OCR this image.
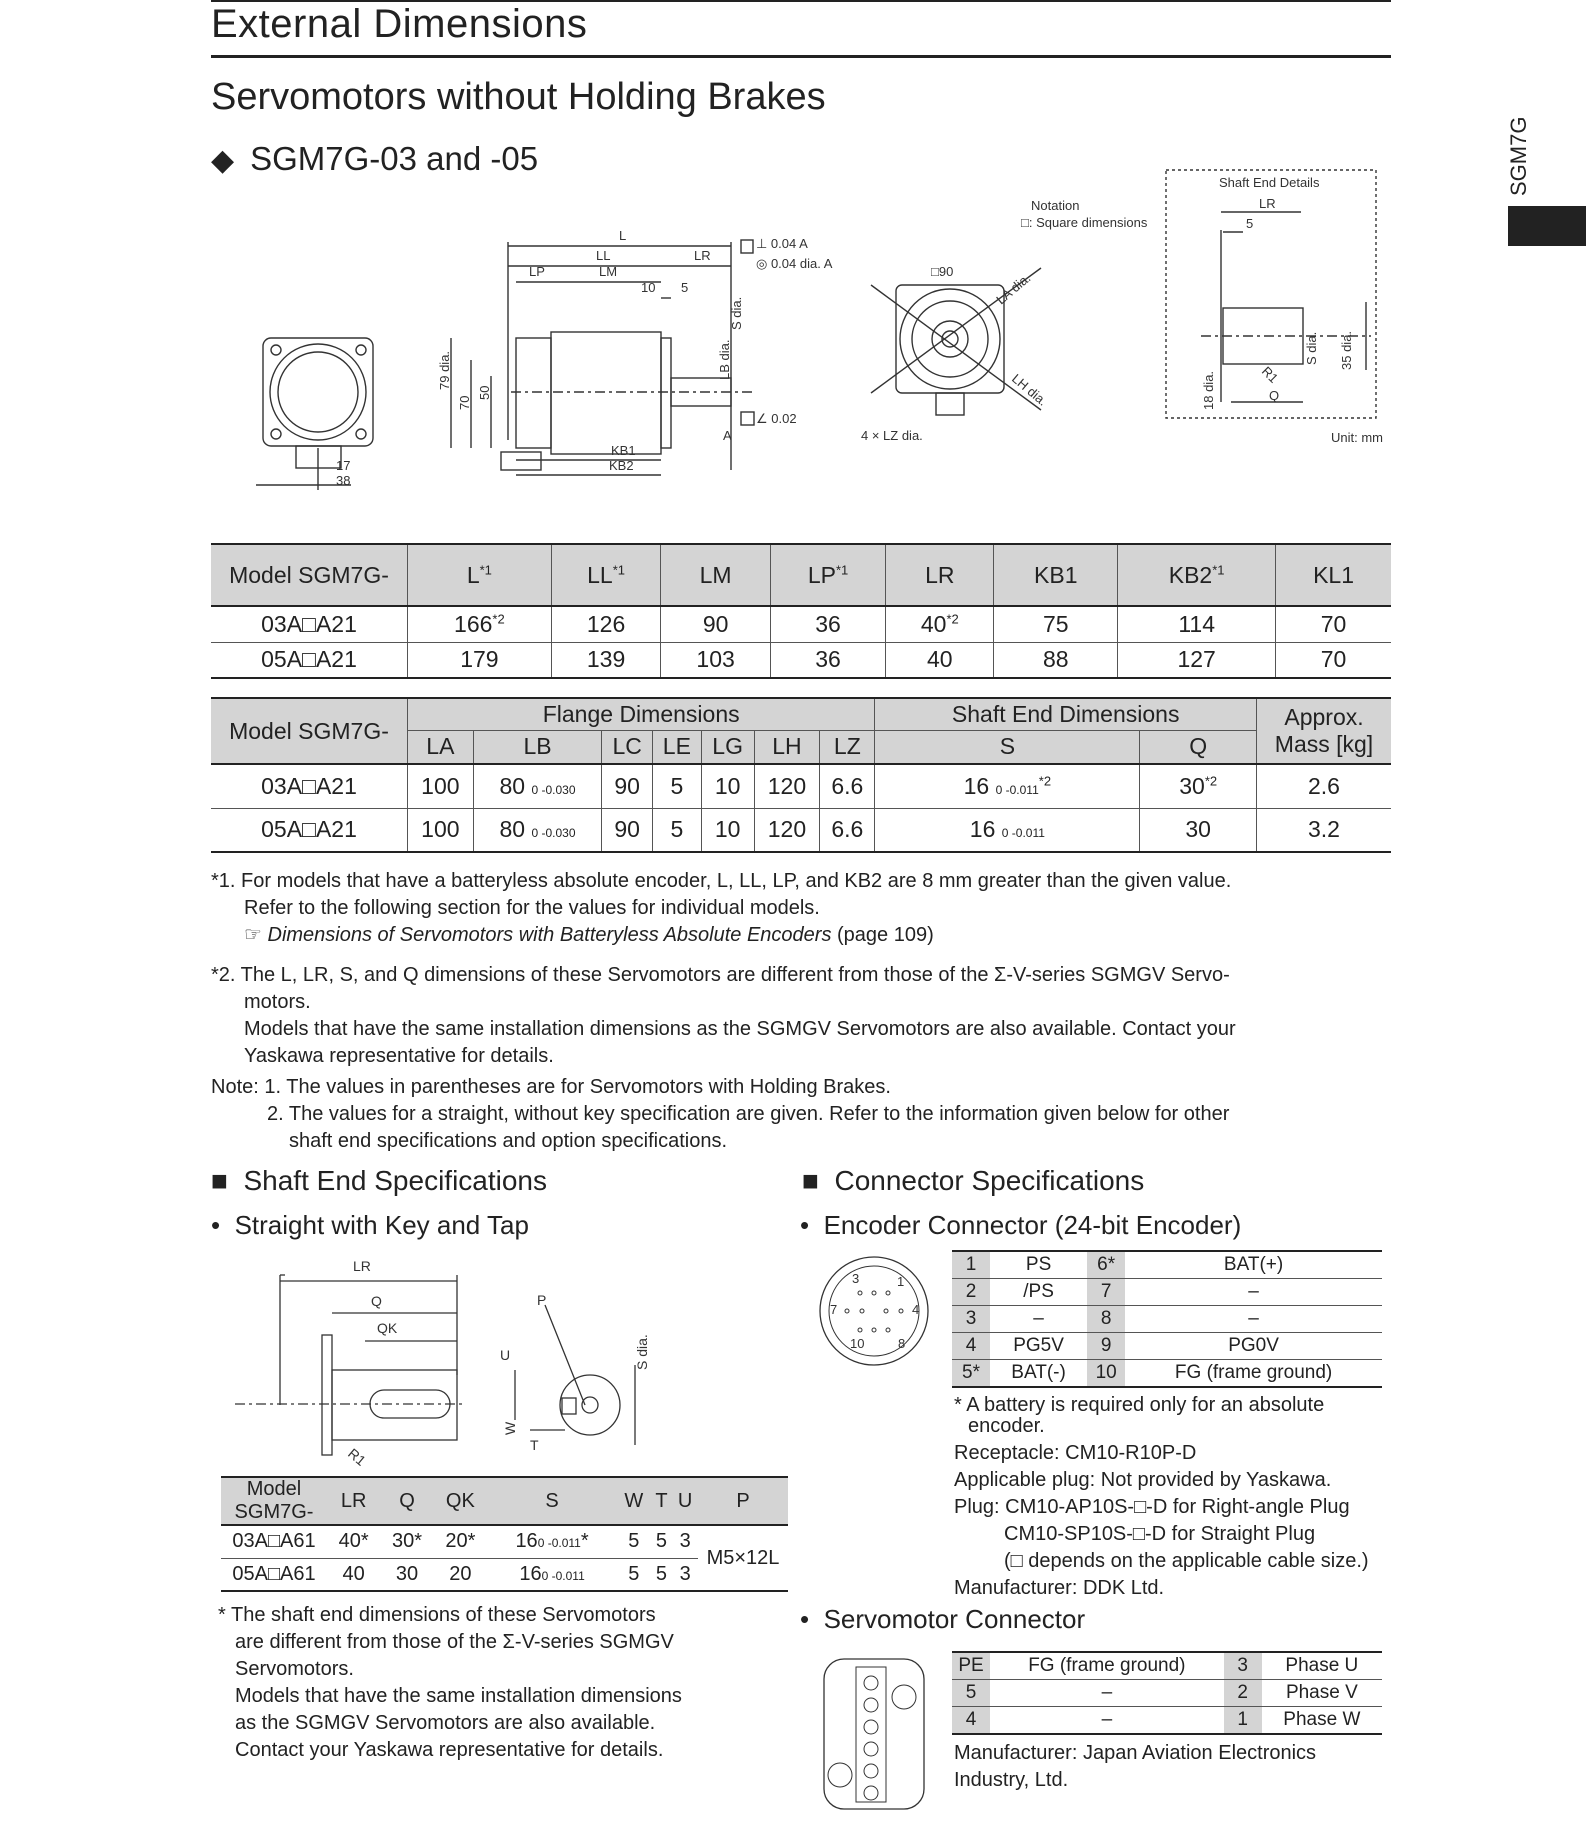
External Dimensions
Servomotors without Holding Brakes
◆ SGM7G-03 and -05	SGM7G
Notation
□: Square dimensions
Shaft End Details
Unit: mm
L
LL	LR
LP	LM
10 5
⊥ 0.04 A
◎ 0.04 dia. A
A
∠ 0.02
KB1
KB2
17
38
□90
4 × LZ dia.
LR
5
Q
R1
79 dia.
70
50
S dia.
LB dia.
LA dia.
LH dia.
S dia. 35 dia.
18 dia.
Model SGM7G-	$L^{*1}$	LL$^{*1}$	LM	LP$^{*1}$	LR	KB1	KB2$^{*1}$	KL1
03A□A21	166$^{*2}$	126	90	36	40$^{*2}$	75	114	70
05A□A21	179	139	103	36	40	88	127	70
Model SGM7G-	Flange Dimensions							Shaft End Dimensions		Approx. Mass [kg]
	LA	LB	LC	LE	LG	LH	LZ	S	Q	
03A□A21	100	80 0 -0.030	90	5	10	120	6.6	16 0 -0.011$^{*2}$	30$^{*2}$	2.6
05A□A21	100	80 0 -0.030	90	5	10	120	6.6	16 0 -0.011	30	3.2
*1. For models that have a batteryless absolute encoder, L, LL, LP, and KB2 are 8 mm greater than the given value.
Refer to the following section for the values for individual models.
☞ Dimensions of Servomotors with Batteryless Absolute Encoders (page 109)
*2. The L, LR, S, and Q dimensions of these Servomotors are different from those of the Σ-V-series SGMGV Servo-
motors.
Models that have the same installation dimensions as the SGMGV Servomotors are also available. Contact your
Yaskawa representative for details.
Note: 1. The values in parentheses are for Servomotors with Holding Brakes.
2. The values for a straight, without key specification are given. Refer to the information given below for other
shaft end specifications and option specifications.
■  Shaft End Specifications
•  Straight with Key and Tap
LR
Q
QK
R1
P
U
T
W
S dia.
Model SGM7G-	LR	Q	QK	S	W	T	U	P
03A□A61	40*	30*	20*	160 -0.011*	5	5	3	M5×12L
05A□A61	40	30	20	160 -0.011	5	5	3	
* The shaft end dimensions of these Servomotors
are different from those of the Σ-V-series SGMGV
Servomotors.
Models that have the same installation dimensions
as the SGMGV Servomotors are also available.
Contact your Yaskawa representative for details.
■  Connector Specifications
•  Encoder Connector (24-bit Encoder)
3	1
7	4
10	8
1	PS	6*	BAT(+)
2	/PS	7	–
3	–	8	–
4	PG5V	9	PG0V
5*	BAT(-)	10	FG (frame ground)
* A battery is required only for an absolute
encoder.
Receptacle: CM10-R10P-D
Applicable plug: Not provided by Yaskawa.
Plug: CM10-AP10S-□-D for Right-angle Plug
CM10-SP10S-□-D for Straight Plug
(□ depends on the applicable cable size.)
Manufacturer: DDK Ltd.
•  Servomotor Connector
PE	FG (frame ground)	3	Phase U
5	–	2	Phase V
4	–	1	Phase W
Manufacturer: Japan Aviation Electronics
Industry, Ltd.
